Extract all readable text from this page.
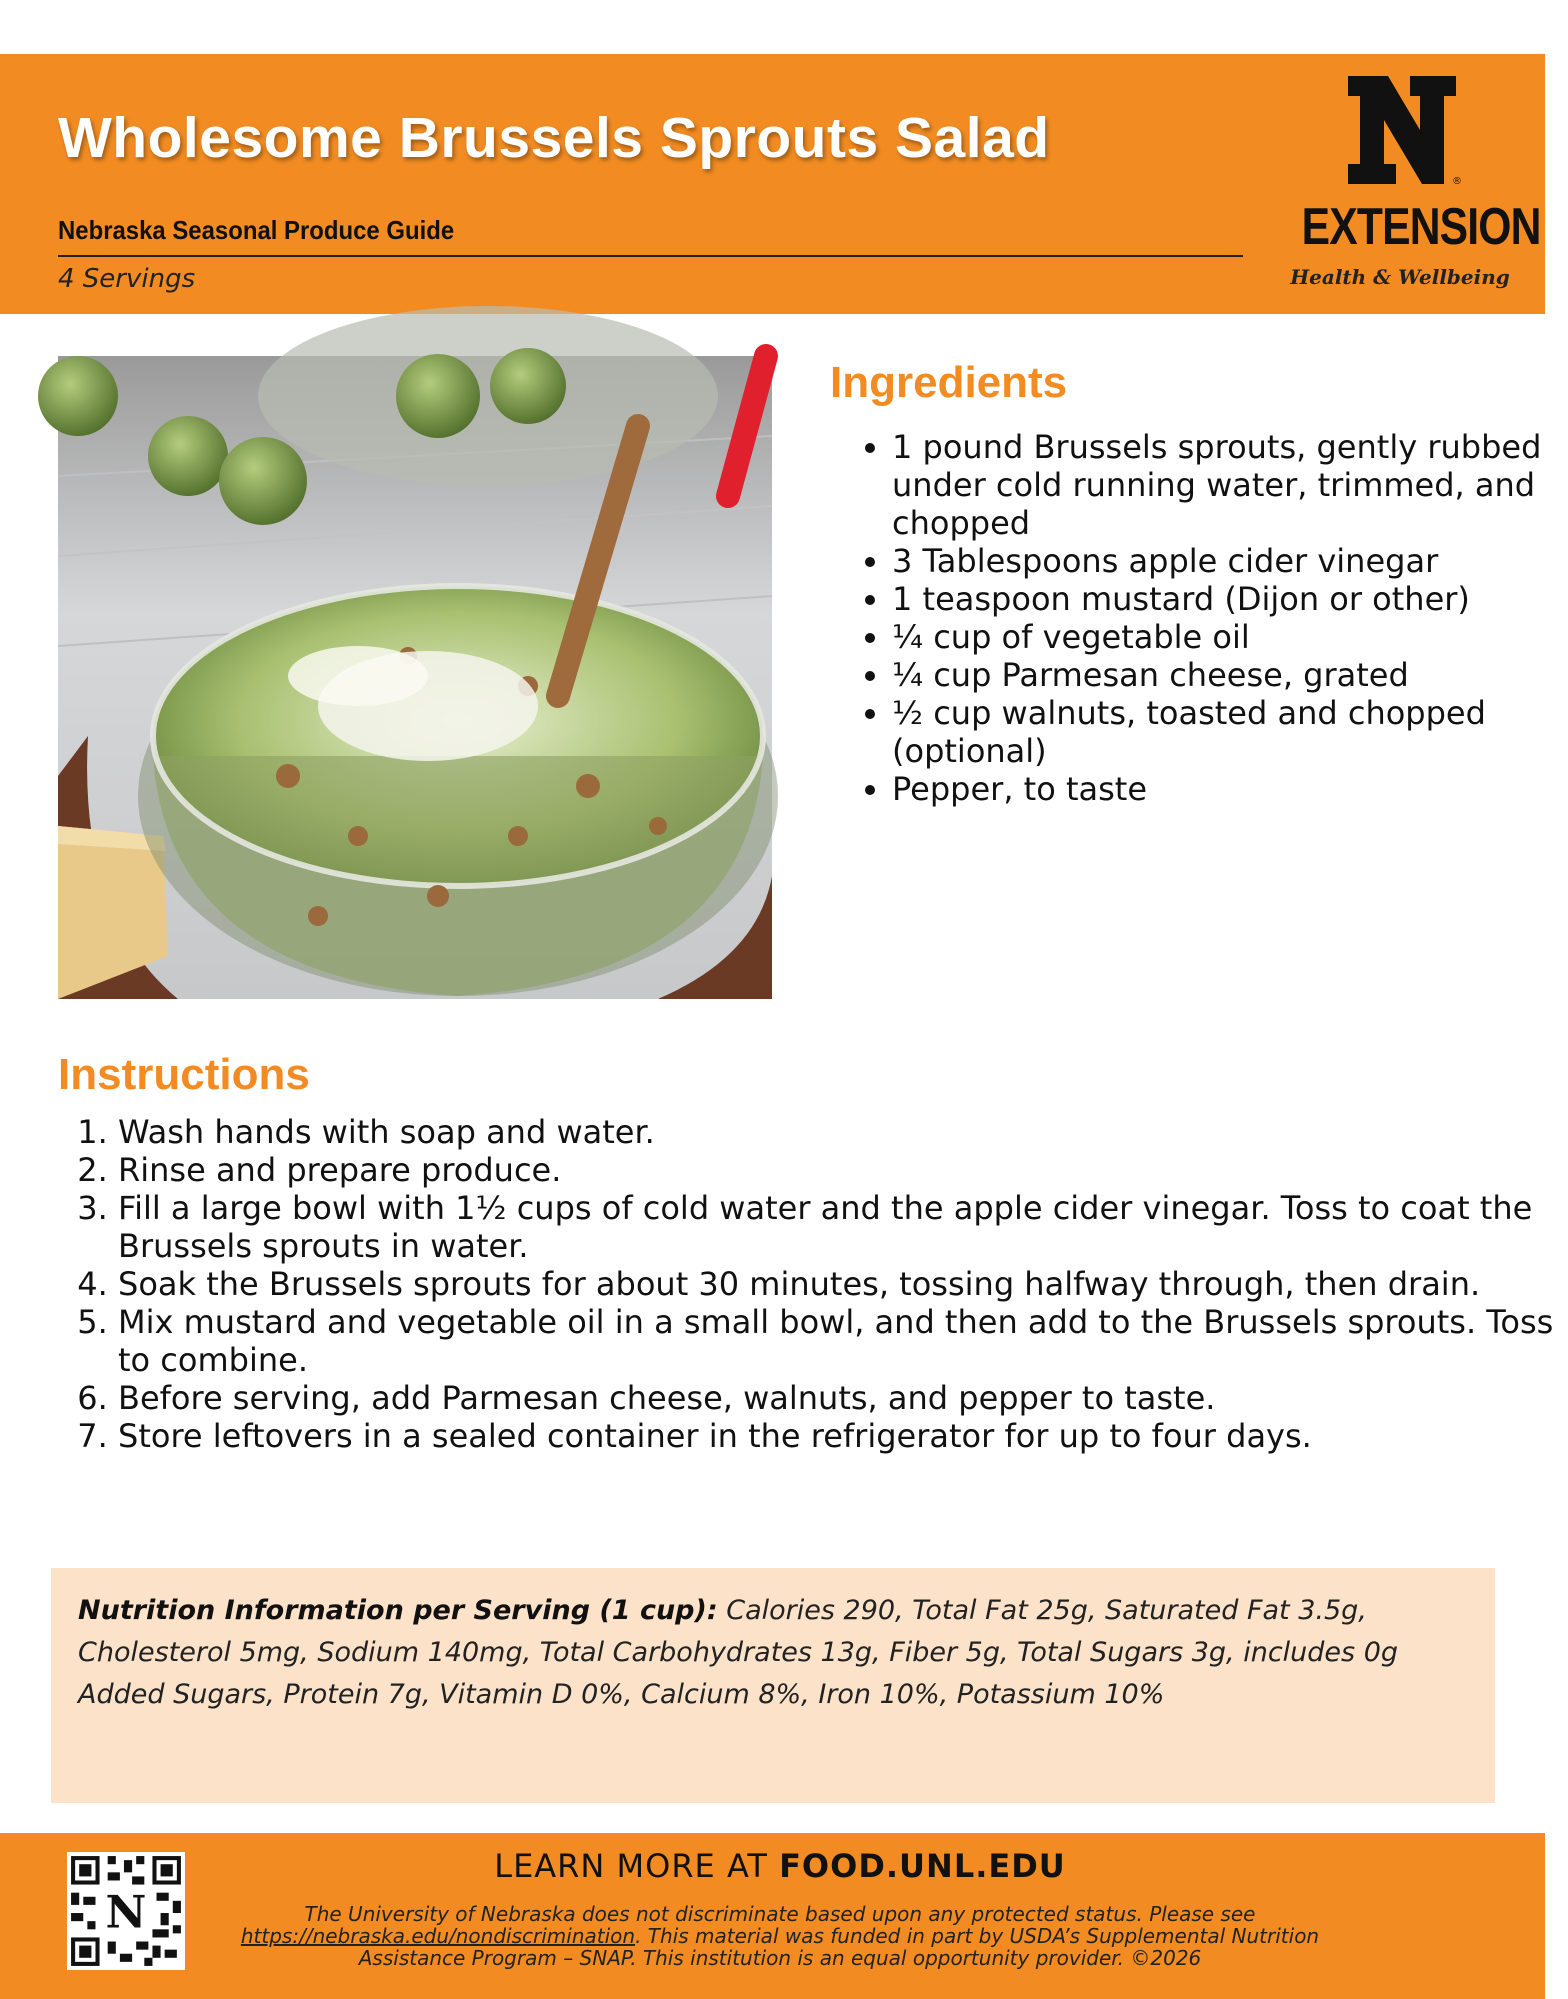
Wholesome Brussels Sprouts Salad
Nebraska Seasonal Produce Guide
4 Servings
®
EXTENSION
Health & Wellbeing
Ingredients
• 1 pound Brussels sprouts, gently rubbed under cold running water, trimmed, and chopped
• 3 Tablespoons apple cider vinegar
• 1 teaspoon mustard (Dijon or other)
• ¼ cup of vegetable oil
• ¼ cup Parmesan cheese, grated
• ½ cup walnuts, toasted and chopped (optional)
• Pepper, to taste
Instructions
1. Wash hands with soap and water.
2. Rinse and prepare produce.
3. Fill a large bowl with 1½ cups of cold water and the apple cider vinegar. Toss to coat the Brussels sprouts in water.
4. Soak the Brussels sprouts for about 30 minutes, tossing halfway through, then drain.
5. Mix mustard and vegetable oil in a small bowl, and then add to the Brussels sprouts. Toss to combine.
6. Before serving, add Parmesan cheese, walnuts, and pepper to taste.
7. Store leftovers in a sealed container in the refrigerator for up to four days.
Nutrition Information per Serving (1 cup): Calories 290, Total Fat 25g, Saturated Fat 3.5g, Cholesterol 5mg, Sodium 140mg, Total Carbohydrates 13g, Fiber 5g, Total Sugars 3g, includes 0g Added Sugars, Protein 7g, Vitamin D 0%, Calcium 8%, Iron 10%, Potassium 10%
N
LEARN MORE AT FOOD.UNL.EDU
The University of Nebraska does not discriminate based upon any protected status. Please see https://nebraska.edu/nondiscrimination. This material was funded in part by USDA’s Supplemental Nutrition Assistance Program – SNAP. This institution is an equal opportunity provider. ©2026
